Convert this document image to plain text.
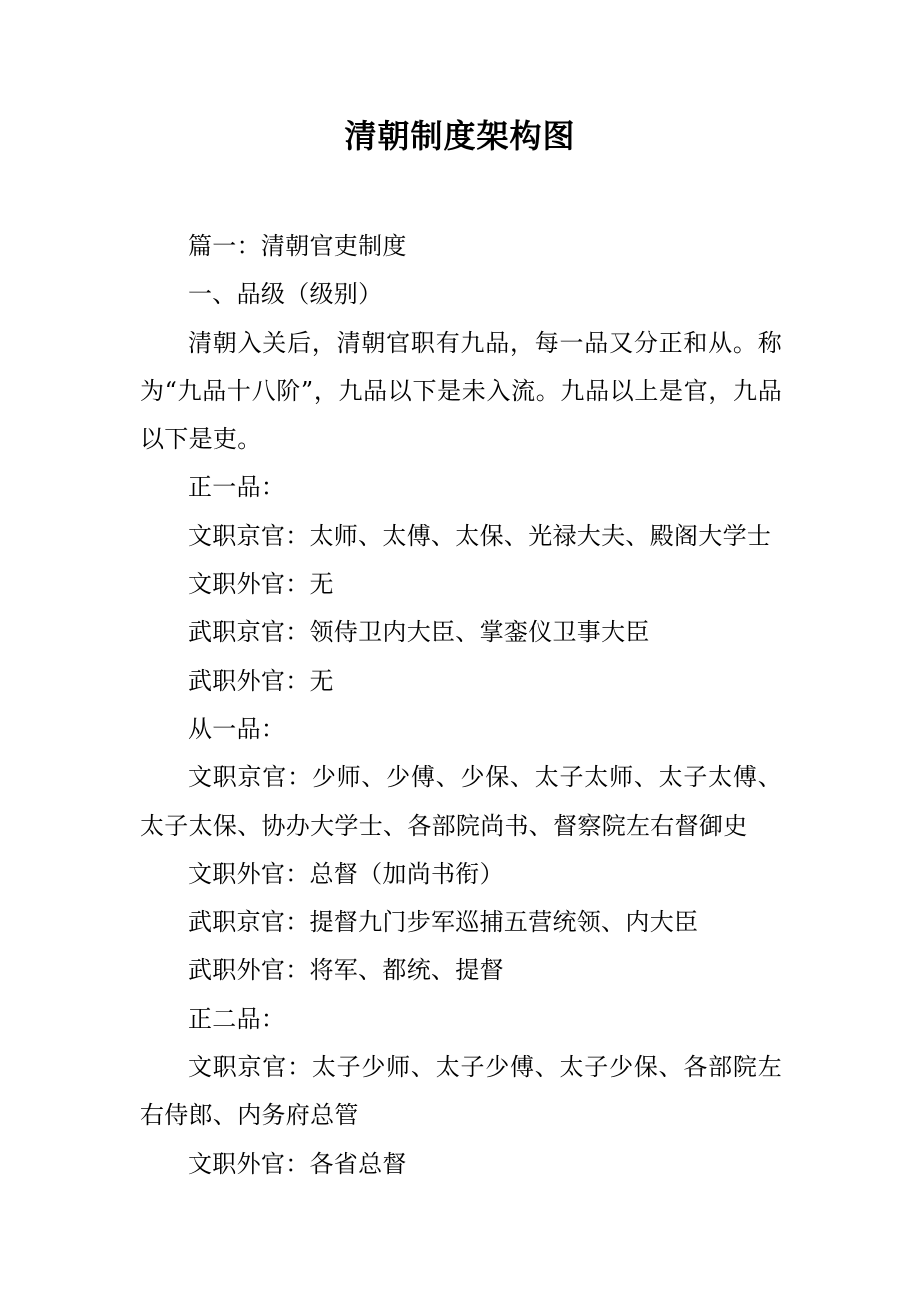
清朝制度架构图

篇一：清朝官吏制度

一、品级（级别）

清朝入关后，清朝官职有九品，每一品又分正和从。称为“九品十八阶”，九品以下是未入流。九品以上是官，九品以下是吏。

正一品：

文职京官：太师、太傅、太保、光禄大夫、殿阁大学士

文职外官：无

武职京官：领侍卫内大臣、掌銮仪卫事大臣

武职外官：无

从一品：

文职京官：少师、少傅、少保、太子太师、太子太傅、太子太保、协办大学士、各部院尚书、督察院左右督御史

文职外官：总督（加尚书衔）

武职京官：提督九门步军巡捕五营统领、内大臣

武职外官：将军、都统、提督

正二品：

文职京官：太子少师、太子少傅、太子少保、各部院左右侍郎、内务府总管

文职外官：各省总督
